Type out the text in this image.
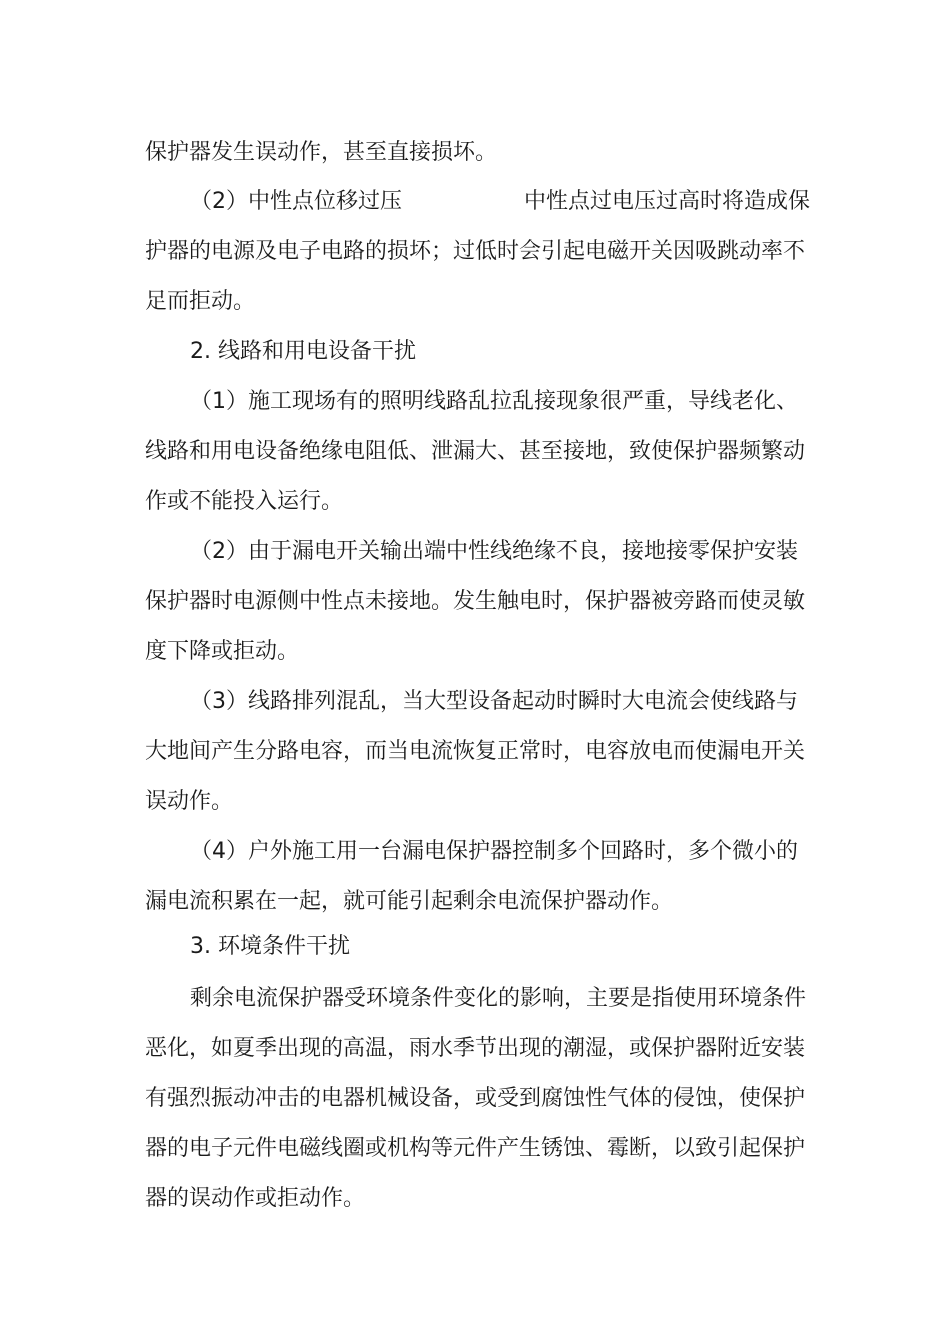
保护器发生误动作，甚至直接损坏。

（2）中性点位移过压	中性点过电压过高时将造成保护器的电源及电子电路的损坏；过低时会引起电磁开关因吸跳动率不足而拒动。

2. 线路和用电设备干扰

（1）施工现场有的照明线路乱拉乱接现象很严重，导线老化、线路和用电设备绝缘电阻低、泄漏大、甚至接地，致使保护器频繁动作或不能投入运行。

（2）由于漏电开关输出端中性线绝缘不良，接地接零保护安装保护器时电源侧中性点未接地。发生触电时，保护器被旁路而使灵敏度下降或拒动。

（3）线路排列混乱，当大型设备起动时瞬时大电流会使线路与大地间产生分路电容，而当电流恢复正常时，电容放电而使漏电开关误动作。

（4）户外施工用一台漏电保护器控制多个回路时，多个微小的漏电流积累在一起，就可能引起剩余电流保护器动作。

3. 环境条件干扰

剩余电流保护器受环境条件变化的影响，主要是指使用环境条件恶化，如夏季出现的高温，雨水季节出现的潮湿，或保护器附近安装有强烈振动冲击的电器机械设备，或受到腐蚀性气体的侵蚀，使保护器的电子元件电磁线圈或机构等元件产生锈蚀、霉断，以致引起保护器的误动作或拒动作。
